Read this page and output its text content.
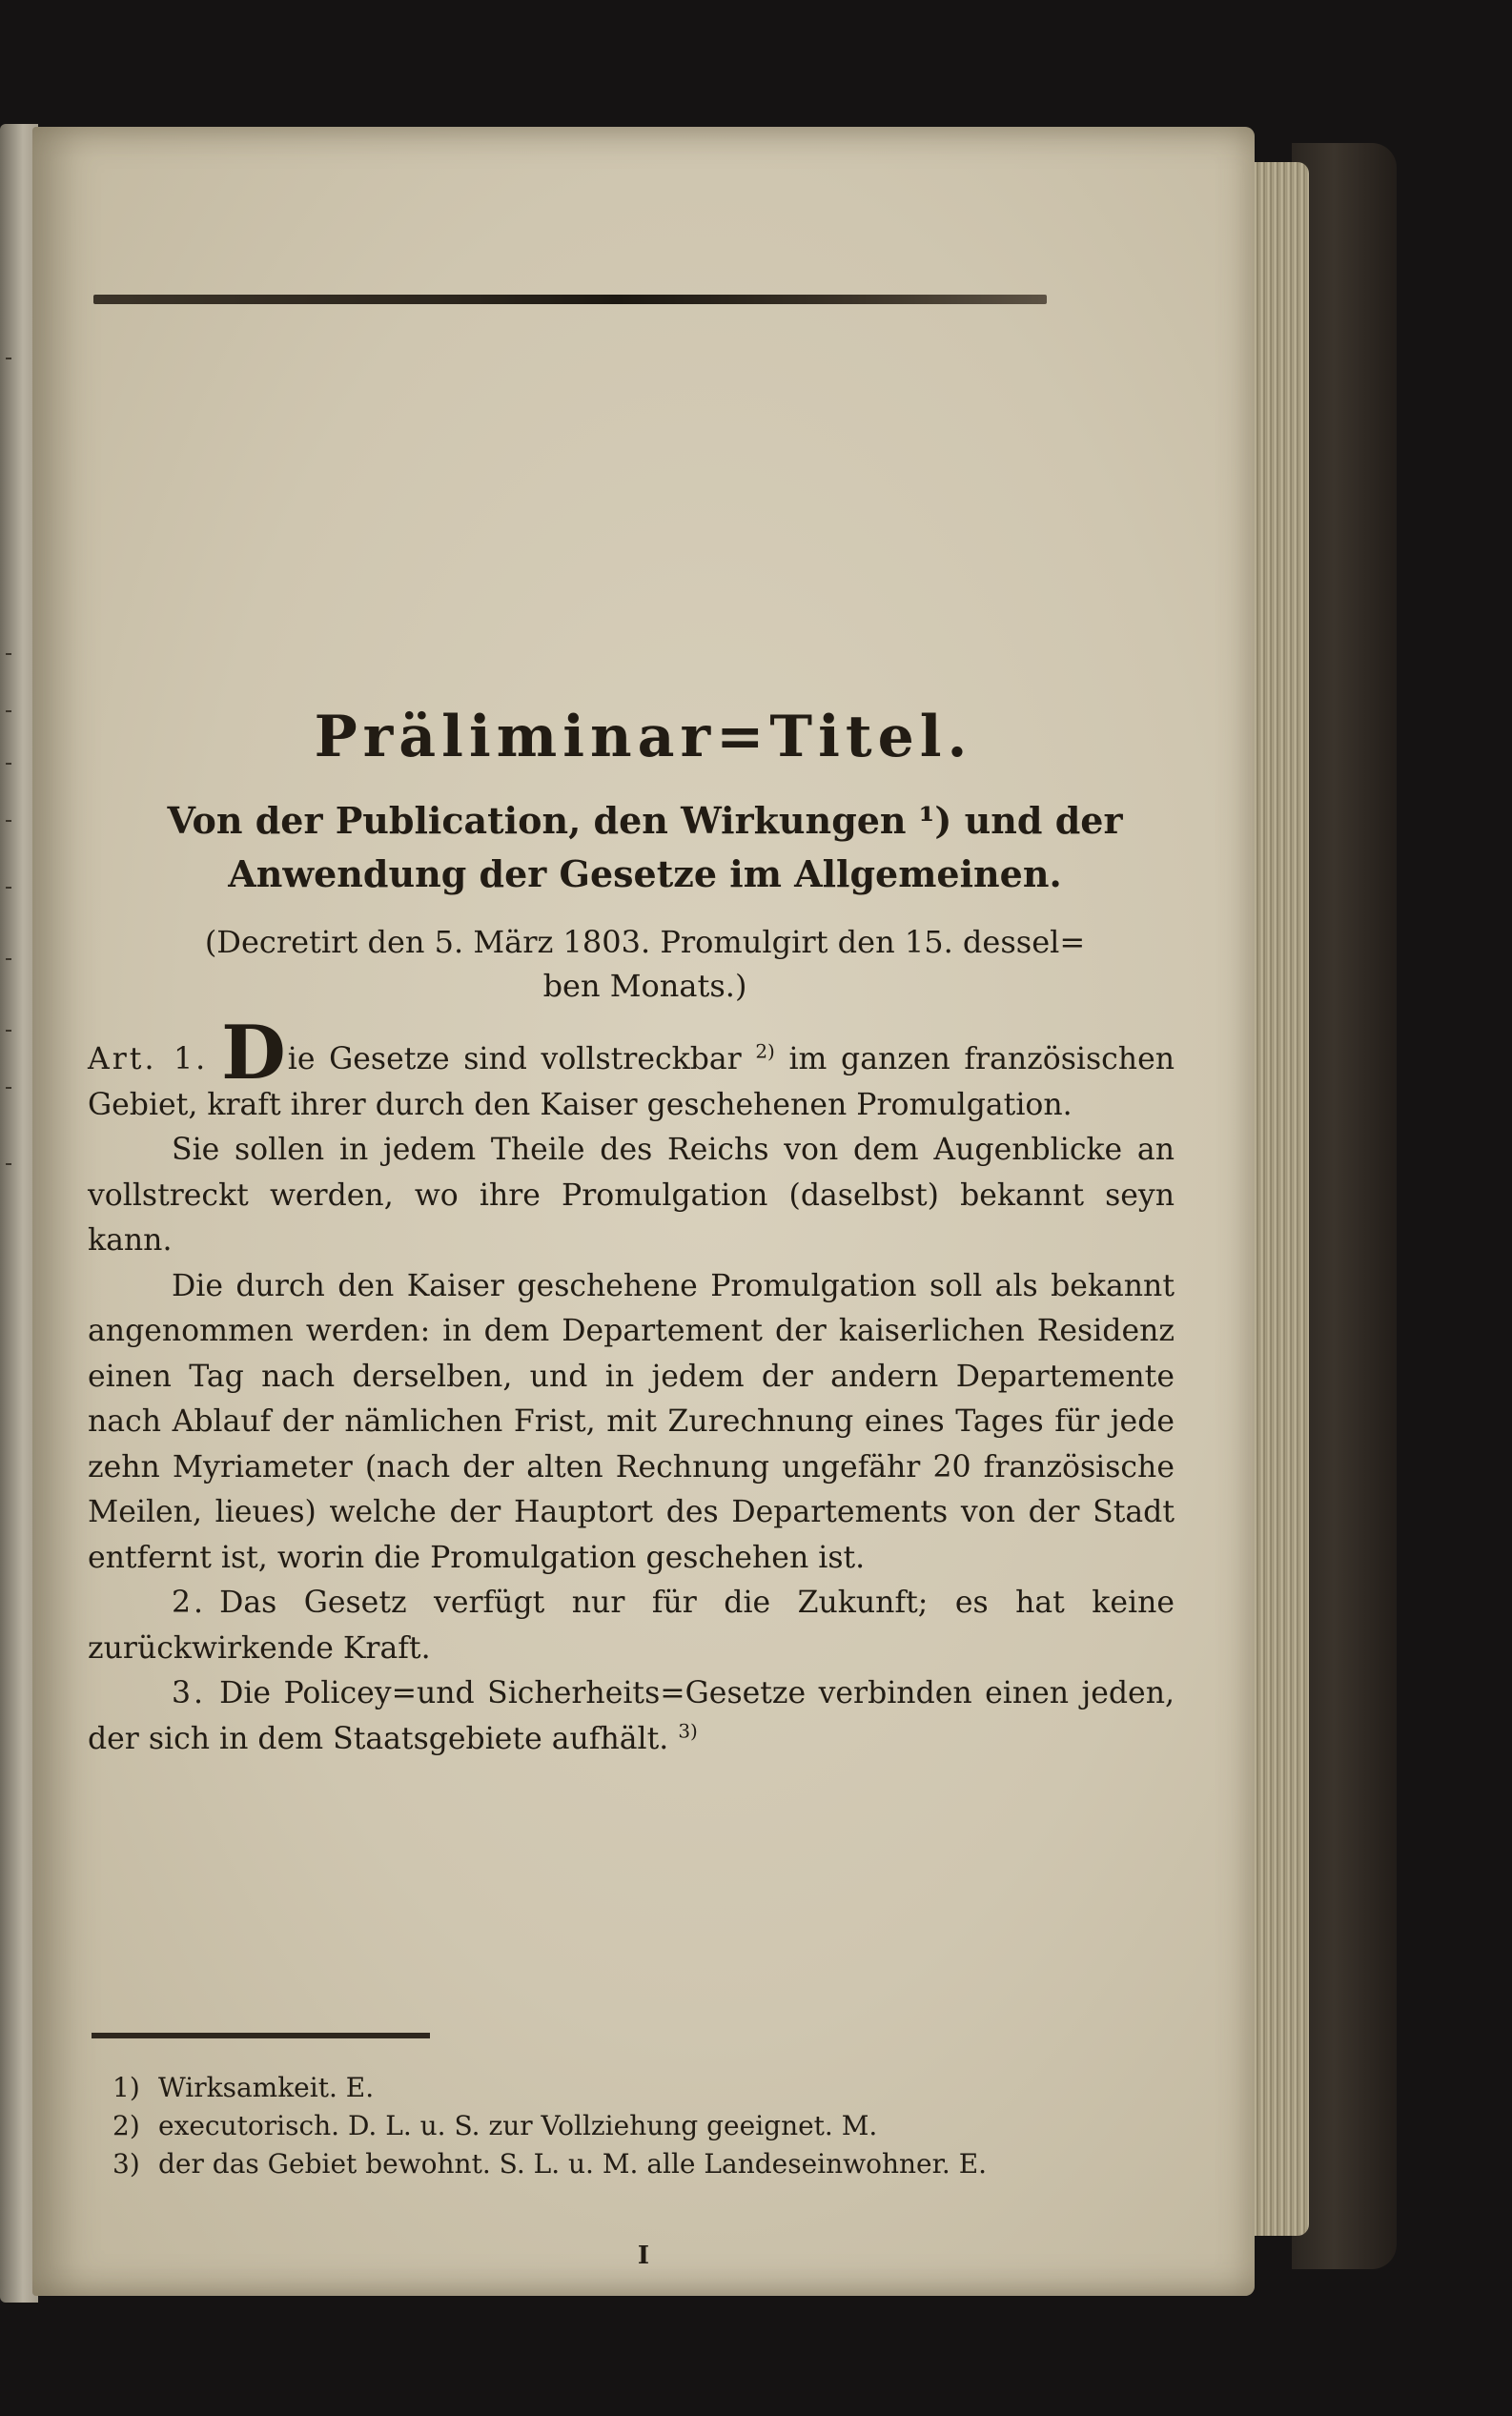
Präliminar=Titel.
Von der Publication, den Wirkungen ¹) und der
Anwendung der Gesetze im Allgemeinen.
(Decretirt den 5. März 1803. Promulgirt den 15. dessel=
ben Monats.)

Art. 1. Die Gesetze sind vollstreckbar $^{2)}$ im ganzen französischen Gebiet, kraft ihrer durch den Kaiser geschehenen Promulgation.

Sie sollen in jedem Theile des Reichs von dem Augenblicke an vollstreckt werden, wo ihre Promulgation (daselbst) bekannt seyn kann.

Die durch den Kaiser geschehene Promulgation soll als bekannt angenommen werden: in dem Departement der kaiserlichen Residenz einen Tag nach derselben, und in jedem der andern Departemente nach Ablauf der nämlichen Frist, mit Zurechnung eines Tages für jede zehn Myriameter (nach der alten Rechnung ungefähr 20 französische Meilen, lieues) welche der Hauptort des Departements von der Stadt entfernt ist, worin die Promulgation geschehen ist.

2. Das Gesetz verfügt nur für die Zukunft; es hat keine zurückwirkende Kraft.

3. Die Policey=und Sicherheits=Gesetze verbinden einen jeden, der sich in dem Staatsgebiete aufhält. $^{3)}$

1) Wirksamkeit. E.
2) executorisch. D. L. u. S. zur Vollziehung geeignet. M.
3) der das Gebiet bewohnt. S. L. u. M. alle Landeseinwohner. E.
I
